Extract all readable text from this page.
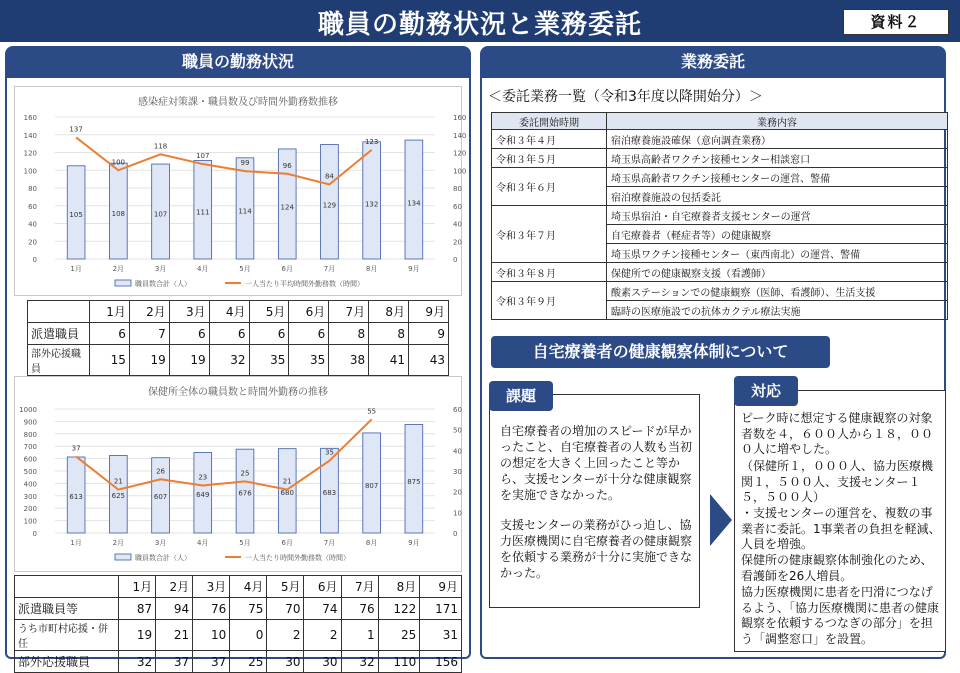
職員の勤務状況と業務委託	資料２
職員の勤務状況
感染症対策課・職員数及び時間外勤務数推移
0
20
40
60
80
100
120
140
160
0
20
40
60
80
100
120
140
160
105
1月
108
2月
107
3月
111
4月
114
5月
124
6月
129
7月
132
8月
134
9月
137
100
118
107
99	96
84
123
職員数合計（人）	一人当たり平均時間外勤務数（時間）
	1月	2月	3月	4月	5月	6月	7月	8月	9月
派遣職員	6	7	6	6	6	6	8	8	9
部外応援職員	15	19	19	32	35	35	38	41	43
保健所全体の職員数と時間外勤務の推移
0
100
200
300
400
500
600
700
800
900
1000
0
10
20
30
40
50
60
613
1月
625
2月
607
3月
649
4月
676
5月
680
6月
683
7月
807
8月
875
9月
37
21
26
23
25
21
35
55
職員数合計（人）	一人当たり時間外勤務数（時間）
	1月	2月	3月	4月	5月	6月	7月	8月	9月
派遣職員等	87	94	76	75	70	74	76	122	171
うち市町村応援・併任	19	21	10	0	2	2	1	25	31
部外応援職員	32	37	37	25	30	30	32	110	156
業務委託
＜委託業務一覧（令和3年度以降開始分）＞
委託開始時期	業務内容
令和３年４月	宿泊療養施設確保（意向調査業務）
令和３年５月	埼玉県高齢者ワクチン接種センター相談窓口
令和３年６月	埼玉県高齢者ワクチン接種センターの運営、警備
	宿泊療養施設の包括委託
令和３年７月	埼玉県宿泊・自宅療養者支援センターの運営
	自宅療養者（軽症者等）の健康観察
	埼玉県ワクチン接種センター（東西南北）の運営、警備
令和３年８月	保健所での健康観察支援（看護師）
令和３年９月	酸素ステーションでの健康観察（医師、看護師）、生活支援
	臨時の医療施設での抗体カクテル療法実施
自宅療養者の健康観察体制について
自宅療養者の増加のスピードが早かったこと、自宅療養者の人数も当初の想定を大きく上回ったこと等から、支援センターが十分な健康観察を実施できなかった。
支援センターの業務がひっ迫し、協力医療機関に自宅療養者の健康観察を依頼する業務が十分に実施できなかった。
課題
ピーク時に想定する健康観察の対象者数を４，６００人から１８，０００人に増やした。
（保健所１，０００人、協力医療機関１，５００人、支援センター１５，５００人）
・支援センターの運営を、複数の事業者に委託。1事業者の負担を軽減、人員を増強。
保健所の健康観察体制強化のため、看護師を26人増員。
協力医療機関に患者を円滑につなげるよう、「協力医療機関に患者の健康観察を依頼するつなぎの部分」を担う「調整窓口」を設置。
対応
